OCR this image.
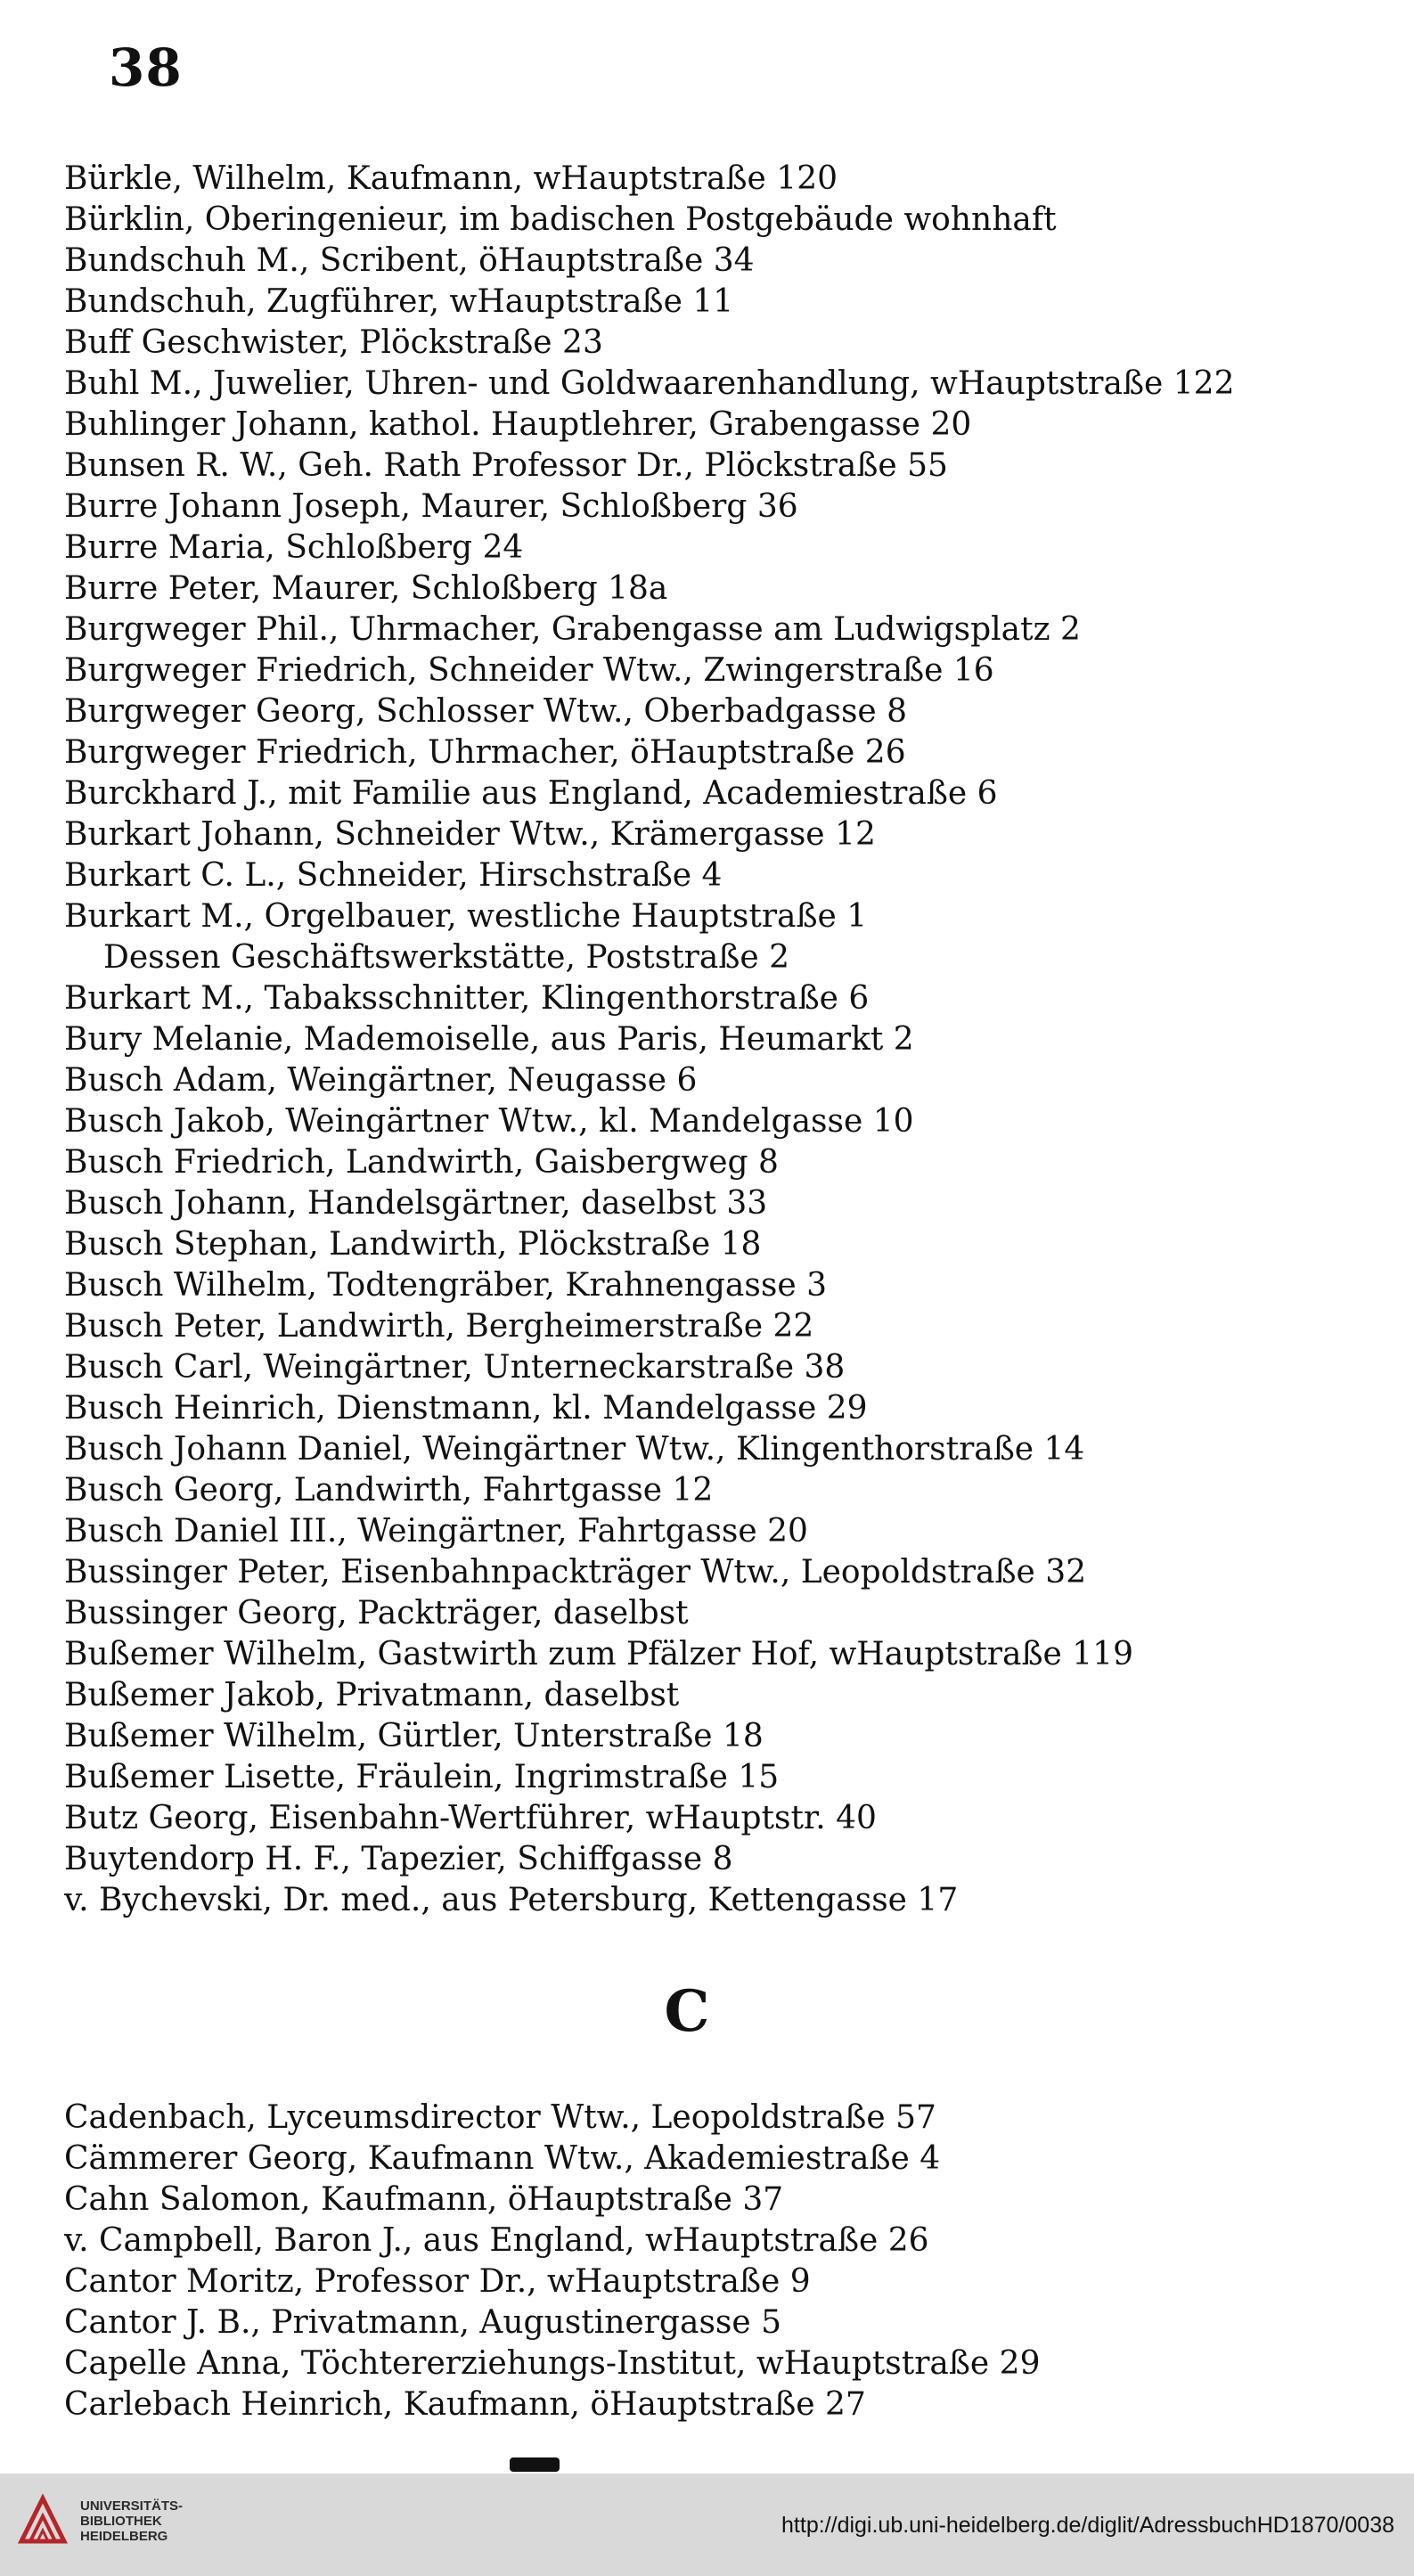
38
Bürkle, Wilhelm, Kaufmann, wHauptstraße 120
Bürklin, Oberingenieur, im badischen Postgebäude wohnhaft
Bundschuh M., Scribent, öHauptstraße 34
Bundschuh, Zugführer, wHauptstraße 11
Buff Geschwister, Plöckstraße 23
Buhl M., Juwelier, Uhren- und Goldwaarenhandlung, wHauptstraße 122
Buhlinger Johann, kathol. Hauptlehrer, Grabengasse 20
Bunsen R. W., Geh. Rath Professor Dr., Plöckstraße 55
Burre Johann Joseph, Maurer, Schloßberg 36
Burre Maria, Schloßberg 24
Burre Peter, Maurer, Schloßberg 18a
Burgweger Phil., Uhrmacher, Grabengasse am Ludwigsplatz 2
Burgweger Friedrich, Schneider Wtw., Zwingerstraße 16
Burgweger Georg, Schlosser Wtw., Oberbadgasse 8
Burgweger Friedrich, Uhrmacher, öHauptstraße 26
Burckhard J., mit Familie aus England, Academiestraße 6
Burkart Johann, Schneider Wtw., Krämergasse 12
Burkart C. L., Schneider, Hirschstraße 4
Burkart M., Orgelbauer, westliche Hauptstraße 1
Dessen Geschäftswerkstätte, Poststraße 2
Burkart M., Tabaksschnitter, Klingenthorstraße 6
Bury Melanie, Mademoiselle, aus Paris, Heumarkt 2
Busch Adam, Weingärtner, Neugasse 6
Busch Jakob, Weingärtner Wtw., kl. Mandelgasse 10
Busch Friedrich, Landwirth, Gaisbergweg 8
Busch Johann, Handelsgärtner, daselbst 33
Busch Stephan, Landwirth, Plöckstraße 18
Busch Wilhelm, Todtengräber, Krahnengasse 3
Busch Peter, Landwirth, Bergheimerstraße 22
Busch Carl, Weingärtner, Unterneckarstraße 38
Busch Heinrich, Dienstmann, kl. Mandelgasse 29
Busch Johann Daniel, Weingärtner Wtw., Klingenthorstraße 14
Busch Georg, Landwirth, Fahrtgasse 12
Busch Daniel III., Weingärtner, Fahrtgasse 20
Bussinger Peter, Eisenbahnpackträger Wtw., Leopoldstraße 32
Bussinger Georg, Packträger, daselbst
Bußemer Wilhelm, Gastwirth zum Pfälzer Hof, wHauptstraße 119
Bußemer Jakob, Privatmann, daselbst
Bußemer Wilhelm, Gürtler, Unterstraße 18
Bußemer Lisette, Fräulein, Ingrimstraße 15
Butz Georg, Eisenbahn-Wertführer, wHauptstr. 40
Buytendorp H. F., Tapezier, Schiffgasse 8
v. Bychevski, Dr. med., aus Petersburg, Kettengasse 17
C
Cadenbach, Lyceumsdirector Wtw., Leopoldstraße 57
Cämmerer Georg, Kaufmann Wtw., Akademiestraße 4
Cahn Salomon, Kaufmann, öHauptstraße 37
v. Campbell, Baron J., aus England, wHauptstraße 26
Cantor Moritz, Professor Dr., wHauptstraße 9
Cantor J. B., Privatmann, Augustinergasse 5
Capelle Anna, Töchtererziehungs-Institut, wHauptstraße 29
Carlebach Heinrich, Kaufmann, öHauptstraße 27
UNIVERSITÄTS-
BIBLIOTHEK
HEIDELBERG	http://digi.ub.uni-heidelberg.de/diglit/AdressbuchHD1870/0038
